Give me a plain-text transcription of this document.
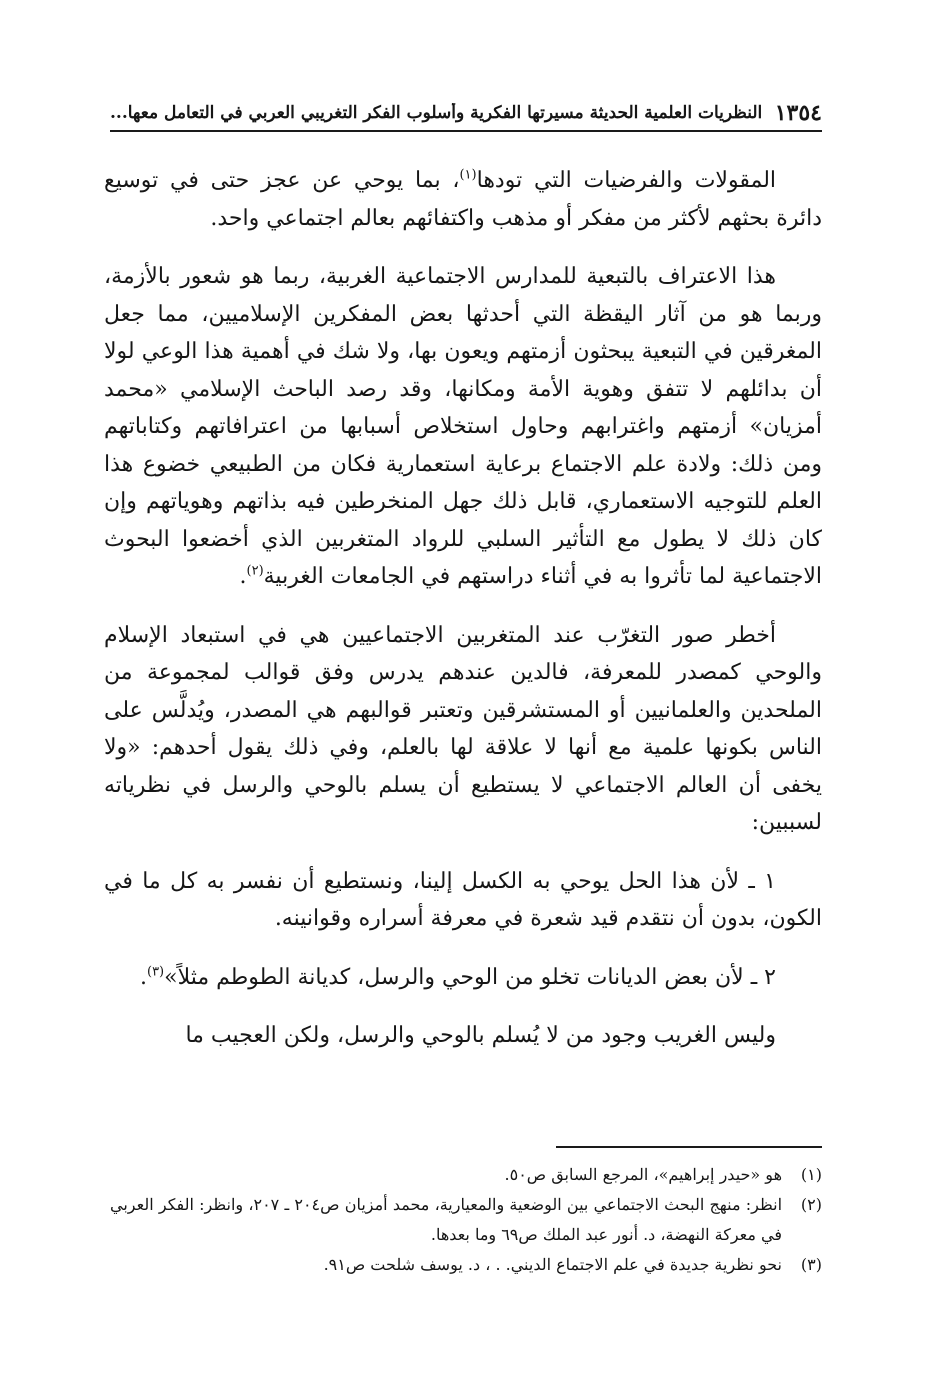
١٣٥٤
النظريات العلمية الحديثة مسيرتها الفكرية وأسلوب الفكر التغريبي العربي في التعامل معها...

المقولات والفرضيات التي تودها$^{(١)}$، بما يوحي عن عجز حتى في توسيع دائرة بحثهم لأكثر من مفكر أو مذهب واكتفائهم بعالم اجتماعي واحد.

هذا الاعتراف بالتبعية للمدارس الاجتماعية الغربية، ربما هو شعور بالأزمة، وربما هو من آثار اليقظة التي أحدثها بعض المفكرين الإسلاميين، مما جعل المغرقين في التبعية يبحثون أزمتهم ويعون بها، ولا شك في أهمية هذا الوعي لولا أن بدائلهم لا تتفق وهوية الأمة ومكانها، وقد رصد الباحث الإسلامي «محمد أمزيان» أزمتهم واغترابهم وحاول استخلاص أسبابها من اعترافاتهم وكتاباتهم ومن ذلك: ولادة علم الاجتماع برعاية استعمارية فكان من الطبيعي خضوع هذا العلم للتوجيه الاستعماري، قابل ذلك جهل المنخرطين فيه بذاتهم وهوياتهم وإن كان ذلك لا يطول مع التأثير السلبي للرواد المتغربين الذي أخضعوا البحوث الاجتماعية لما تأثروا به في أثناء دراستهم في الجامعات الغربية$^{(٢)}$.

أخطر صور التغرّب عند المتغربين الاجتماعيين هي في استبعاد الإسلام والوحي كمصدر للمعرفة، فالدين عندهم يدرس وفق قوالب لمجموعة من الملحدين والعلمانيين أو المستشرقين وتعتبر قوالبهم هي المصدر، ويُدلَّس على الناس بكونها علمية مع أنها لا علاقة لها بالعلم، وفي ذلك يقول أحدهم: «ولا يخفى أن العالم الاجتماعي لا يستطيع أن يسلم بالوحي والرسل في نظرياته لسببين:

١ ـ لأن هذا الحل يوحي به الكسل إلينا، ونستطيع أن نفسر به كل ما في الكون، بدون أن نتقدم قيد شعرة في معرفة أسراره وقوانينه.

٢ ـ لأن بعض الديانات تخلو من الوحي والرسل، كديانة الطوطم مثلاً»$^{(٣)}$.

وليس الغريب وجود من لا يُسلم بالوحي والرسل، ولكن العجيب ما

(١)
هو «حيدر إبراهيم»، المرجع السابق ص٥٠.
(٢)
انظر: منهج البحث الاجتماعي بين الوضعية والمعيارية، محمد أمزيان ص٢٠٤ ـ ٢٠٧، وانظر: الفكر العربي في معركة النهضة، د. أنور عبد الملك ص٦٩ وما بعدها.
(٣)
نحو نظرية جديدة في علم الاجتماع الديني. . ، د. يوسف شلحت ص٩١.
